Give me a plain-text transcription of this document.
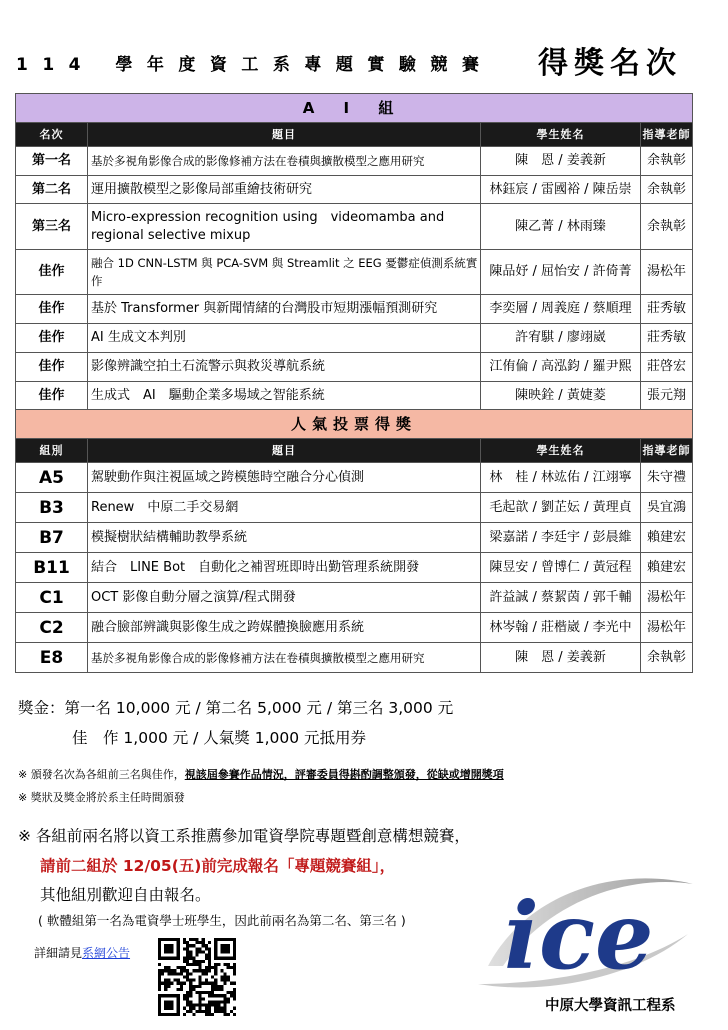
114 學年度資工系專題實驗競賽 得獎名次
A I 組			
名次	題目	學生姓名	指導老師
第一名	基於多視角影像合成的影像修補方法在卷積與擴散模型之應用研究	陳　恩 / 姜義新	余執彰
第二名	運用擴散模型之影像局部重繪技術研究	林鈺宸 / 雷國裕 / 陳岳崇	余執彰
第三名	Micro-expression recognition using　videomamba and regional selective mixup	陳乙菁 / 林雨臻	余執彰
佳作	融合 1D CNN-LSTM 與 PCA-SVM 與 Streamlit 之 EEG 憂鬱症偵測系統實作	陳品妤 / 屈怡安 / 許倚菁	湯松年
佳作	基於 Transformer 與新聞情緒的台灣股市短期漲幅預測研究	李奕層 / 周義庭 / 蔡順理	莊秀敏
佳作	AI 生成文本判別	許宥騏 / 廖翊崴	莊秀敏
佳作	影像辨識空拍土石流警示與救災導航系統	江侑倫 / 高泓鈞 / 羅尹熙	莊啓宏
佳作	生成式　AI　驅動企業多場域之智能系統	陳映銓 / 黃婕菱	張元翔
人氣投票得獎			
組別	題目	學生姓名	指導老師
A5	駕駛動作與注視區域之跨模態時空融合分心偵測	林　桂 / 林竑佑 / 江翊寧	朱守禮
B3	Renew　中原二手交易網	毛起歆 / 劉芷妘 / 黃理貞	吳宜鴻
B7	模擬樹狀結構輔助教學系統	梁嘉諾 / 李廷宇 / 彭晨維	賴建宏
B11	結合　LINE Bot　自動化之補習班即時出勤管理系統開發	陳昱安 / 曾博仁 / 黃冠程	賴建宏
C1	OCT 影像自動分層之演算/程式開發	許益誠 / 蔡絜茵 / 郭千輔	湯松年
C2	融合臉部辨識與影像生成之跨媒體換臉應用系統	林岑翰 / 莊楷崴 / 李光中	湯松年
E8	基於多視角影像合成的影像修補方法在卷積與擴散模型之應用研究	陳　恩 / 姜義新	余執彰
獎金：第一名 10,000 元 / 第二名 5,000 元 / 第三名 3,000 元
佳　作 1,000 元 / 人氣獎 1,000 元抵用券
※ 頒發名次為各組前三名與佳作，視該屆參賽作品情況，評審委員得斟酌調整頒發，從缺或增開獎項
※ 獎狀及獎金將於系主任時間頒發
※ 各組前兩名將以資工系推薦參加電資學院專題暨創意構想競賽，
請前二組於 12/05(五)前完成報名「專題競賽組」，
其他組別歡迎自由報名。
( 軟體組第一名為電資學士班學生，因此前兩名為第二名、第三名 )
詳細請見系網公告	ice
中原大學資訊工程系
